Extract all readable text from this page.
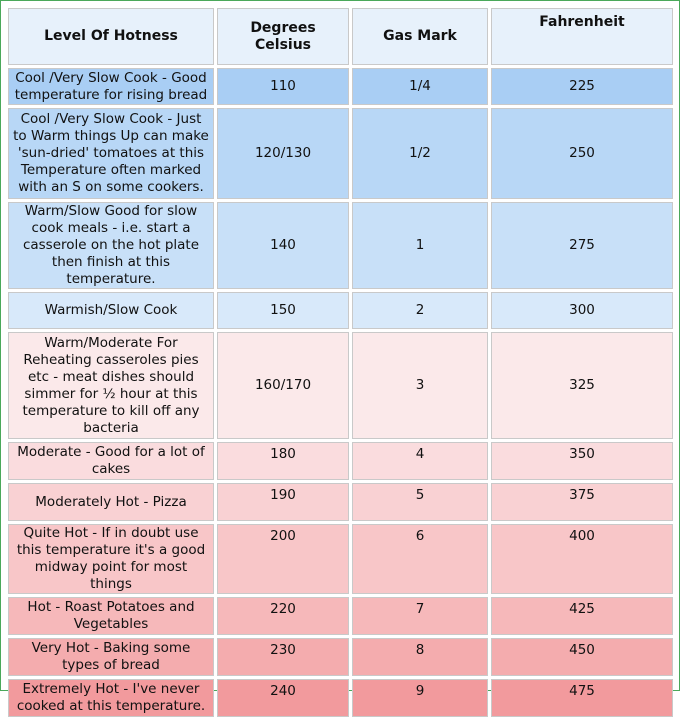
Level Of Hotness	Degrees Celsius	Gas Mark	Fahrenheit
Cool /Very Slow Cook - Good temperature for rising bread	110	1/4	225
Cool /Very Slow Cook - Just to Warm things Up can make 'sun-dried' tomatoes at this Temperature often marked with an S on some cookers.	120/130	1/2	250
Warm/Slow Good for slow cook meals - i.e. start a casserole on the hot plate then finish at this temperature.	140	1	275
Warmish/Slow Cook	150	2	300
Warm/Moderate For Reheating casseroles pies etc - meat dishes should simmer for ½ hour at this temperature to kill off any bacteria	160/170	3	325
Moderate - Good for a lot of cakes	180	4	350
Moderately Hot - Pizza	190	5	375
Quite Hot - If in doubt use this temperature it's a good midway point for most things	200	6	400
Hot - Roast Potatoes and Vegetables	220	7	425
Very Hot - Baking some types of bread	230	8	450
Extremely Hot - I've never cooked at this temperature.	240	9	475
